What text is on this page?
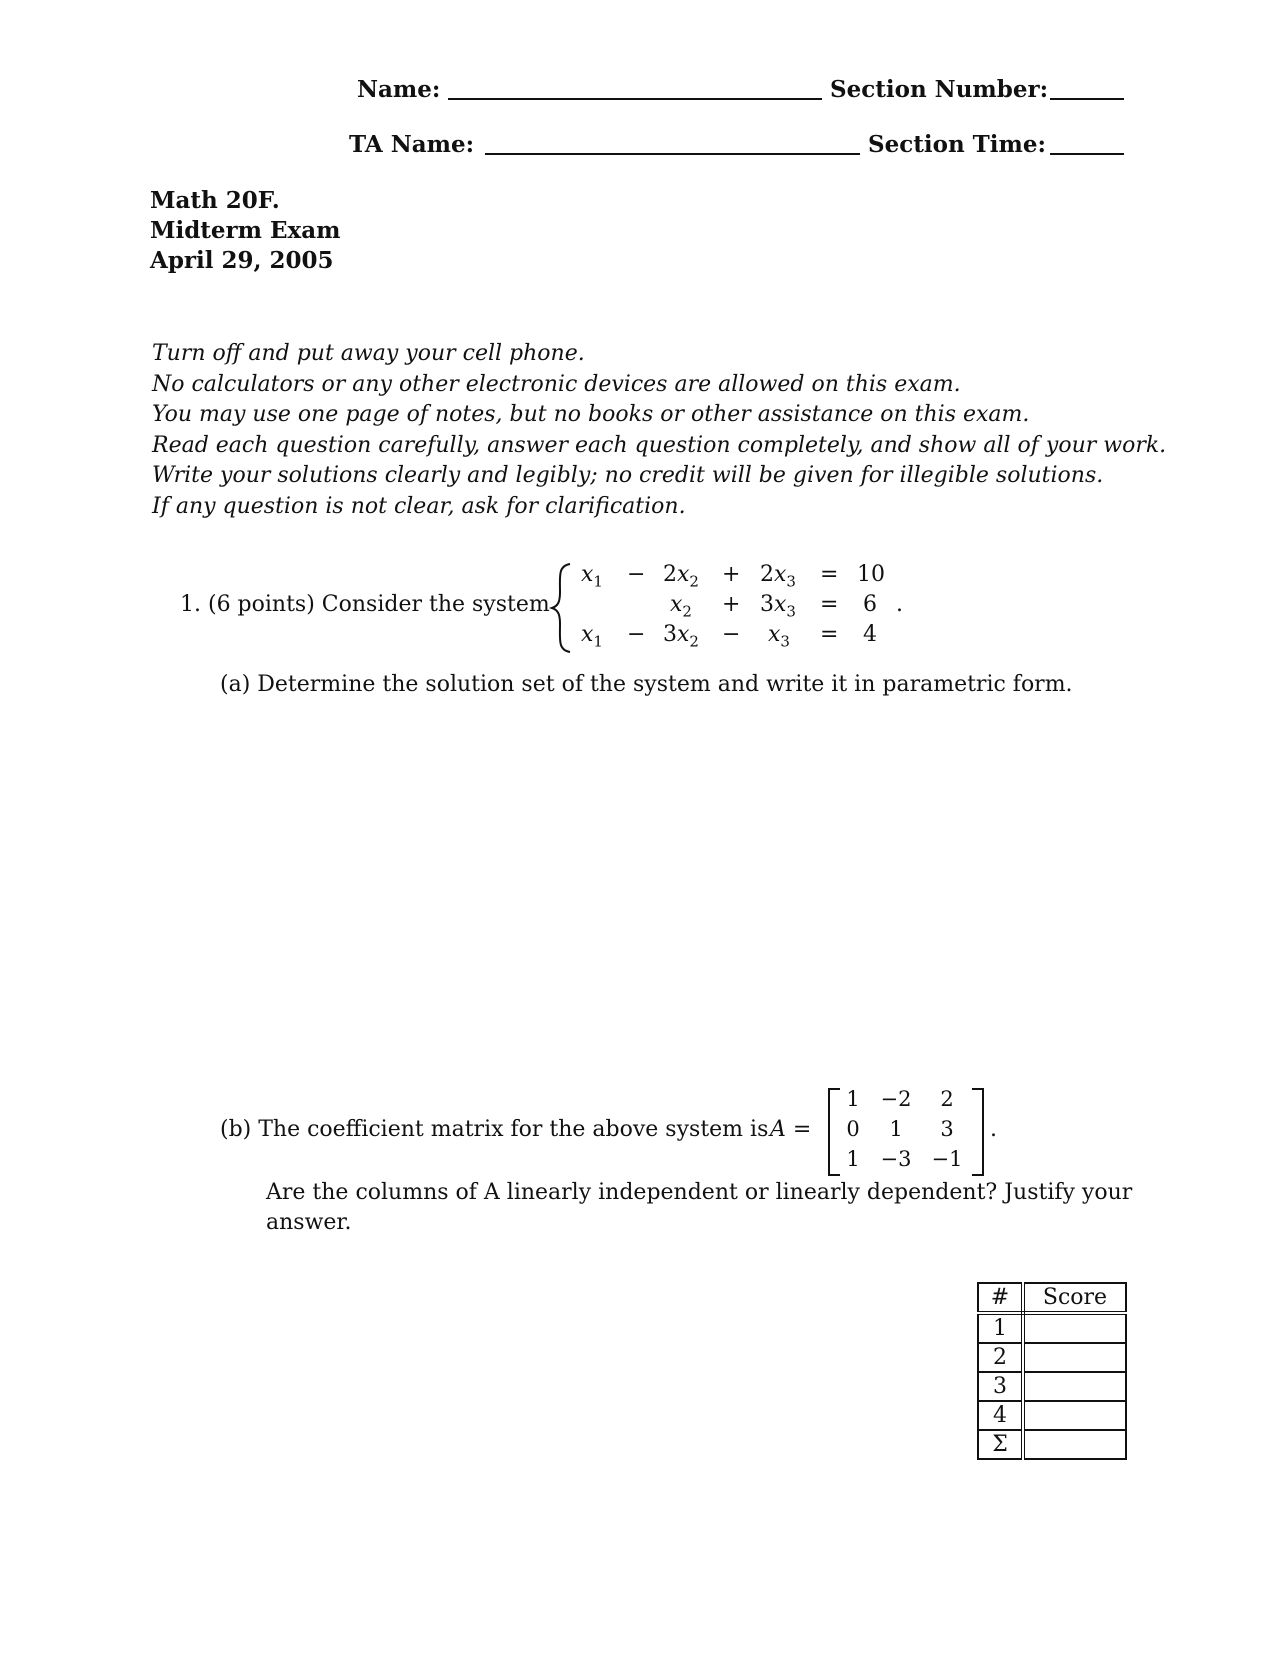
Name:	Section Number:
TA Name:	Section Time:
Math 20F.
Midterm Exam
April 29, 2005
Turn off and put away your cell phone.
No calculators or any other electronic devices are allowed on this exam.
You may use one page of notes, but no books or other assistance on this exam.
Read each question carefully, answer each question completely, and show all of your work.
Write your solutions clearly and legibly; no credit will be given for illegible solutions.
If any question is not clear, ask for clarification.
1. (6 points) Consider the system
$x_1 - 2x_2 + 2x_3 = 10$
$x_2 + 3x_3 = 6$ .
$x_1 - 3x_2 - x_3 = 4$
(a) Determine the solution set of the system and write it in parametric form.
(b) The coefficient matrix for the above system is A =
1 −2	2
0	1	3
1 −3 −1
.
Are the columns of A linearly independent or linearly dependent? Justify your
answer.
#	Score
1	
2	
3	
4	
Σ	
